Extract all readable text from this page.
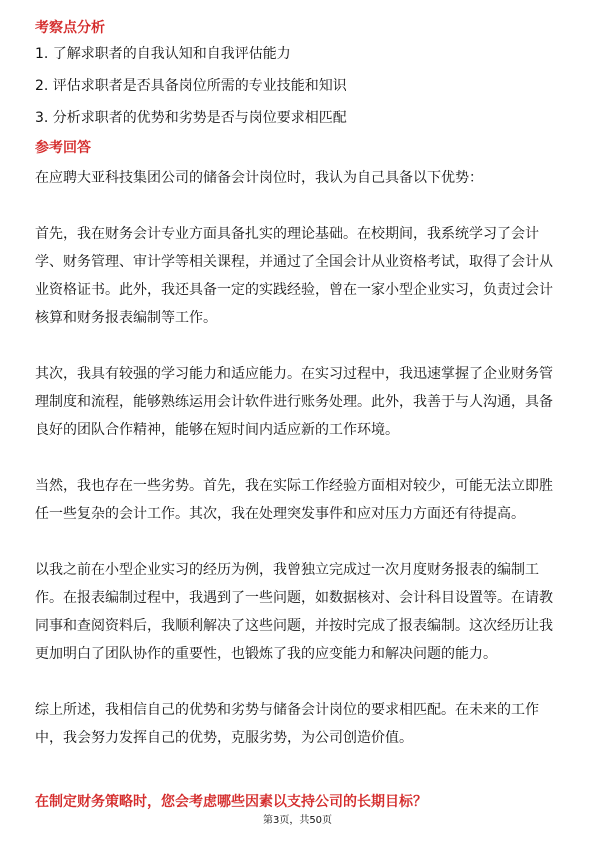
考察点分析
1. 了解求职者的自我认知和自我评估能力
2. 评估求职者是否具备岗位所需的专业技能和知识
3. 分析求职者的优势和劣势是否与岗位要求相匹配
参考回答

在应聘大亚科技集团公司的储备会计岗位时，我认为自己具备以下优势：

首先，我在财务会计专业方面具备扎实的理论基础。在校期间，我系统学习了会计学、财务管理、审计学等相关课程，并通过了全国会计从业资格考试，取得了会计从业资格证书。此外，我还具备一定的实践经验，曾在一家小型企业实习，负责过会计核算和财务报表编制等工作。

其次，我具有较强的学习能力和适应能力。在实习过程中，我迅速掌握了企业财务管理制度和流程，能够熟练运用会计软件进行账务处理。此外，我善于与人沟通，具备良好的团队合作精神，能够在短时间内适应新的工作环境。

当然，我也存在一些劣势。首先，我在实际工作经验方面相对较少，可能无法立即胜任一些复杂的会计工作。其次，我在处理突发事件和应对压力方面还有待提高。

以我之前在小型企业实习的经历为例，我曾独立完成过一次月度财务报表的编制工作。在报表编制过程中，我遇到了一些问题，如数据核对、会计科目设置等。在请教同事和查阅资料后，我顺利解决了这些问题，并按时完成了报表编制。这次经历让我更加明白了团队协作的重要性，也锻炼了我的应变能力和解决问题的能力。

综上所述，我相信自己的优势和劣势与储备会计岗位的要求相匹配。在未来的工作中，我会努力发挥自己的优势，克服劣势，为公司创造价值。

在制定财务策略时，您会考虑哪些因素以支持公司的长期目标？
第3页，共50页
